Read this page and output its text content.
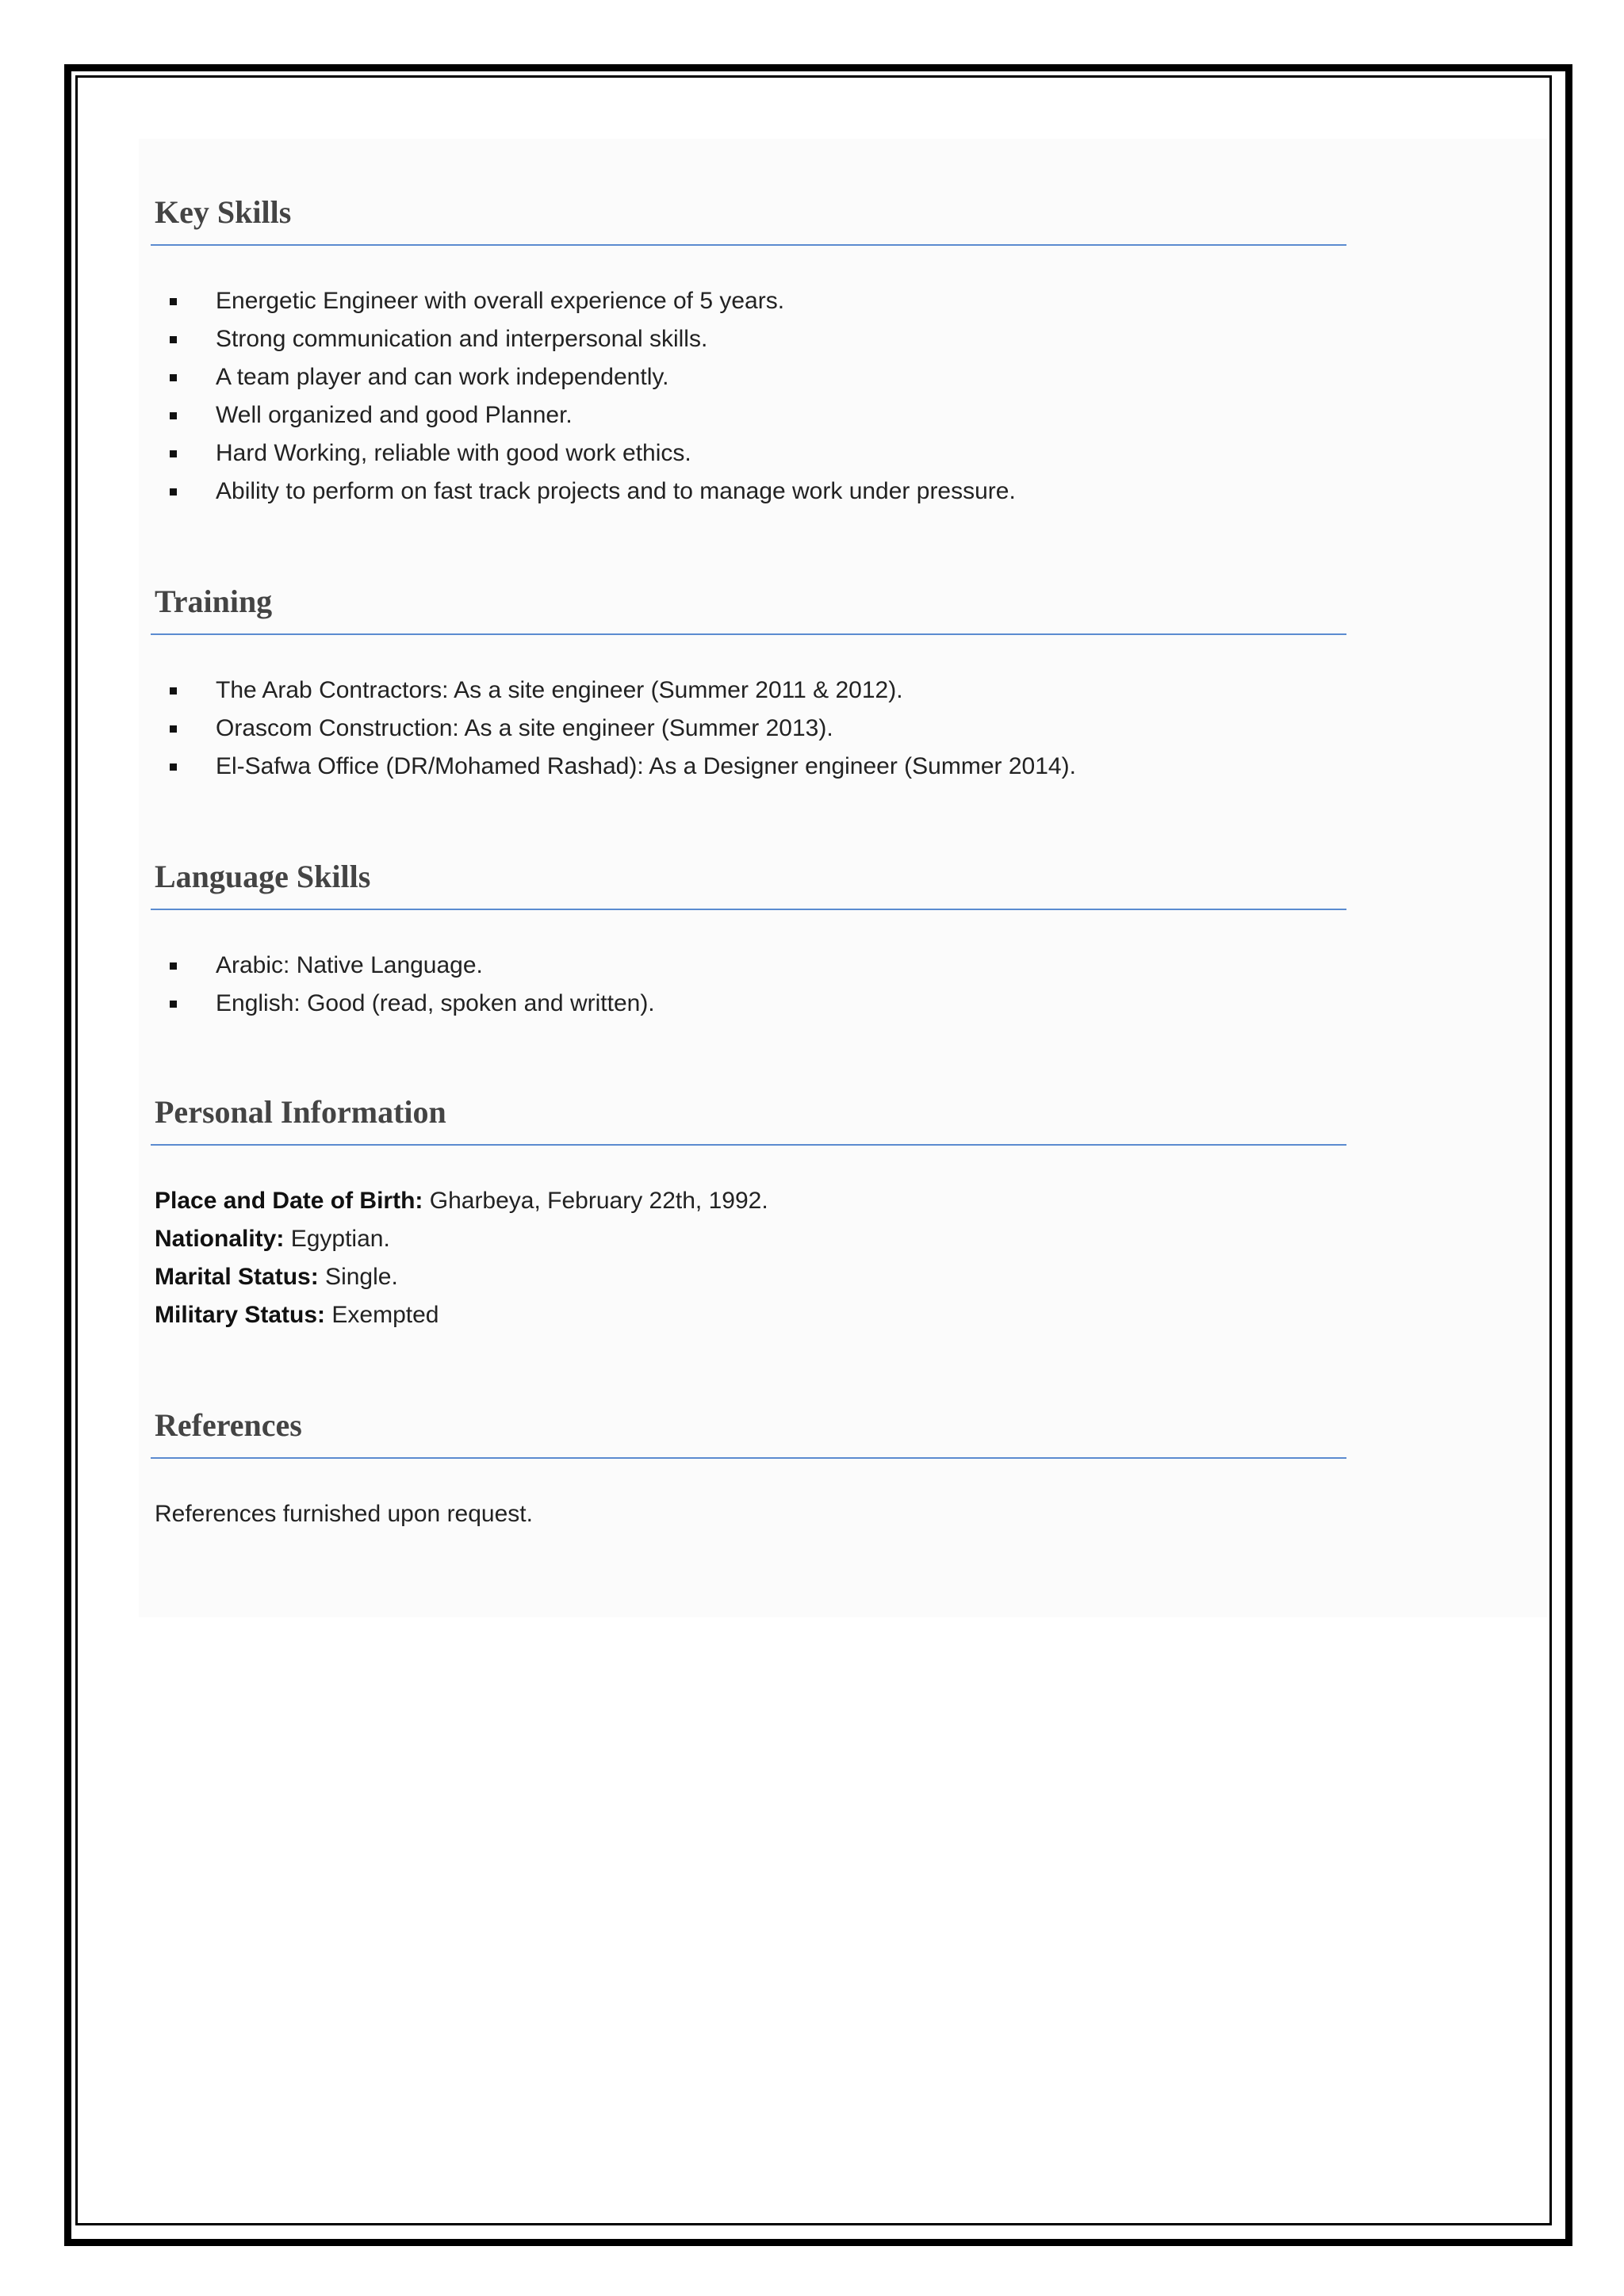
Key Skills
Energetic Engineer with overall experience of 5 years.
Strong communication and interpersonal skills.
A team player and can work independently.
Well organized and good Planner.
Hard Working, reliable with good work ethics.
Ability to perform on fast track projects and to manage work under pressure.
Training
The Arab Contractors: As a site engineer (Summer 2011 & 2012).
Orascom Construction: As a site engineer (Summer 2013).
El-Safwa Office (DR/Mohamed Rashad): As a Designer engineer (Summer 2014).
Language Skills
Arabic: Native Language.
English: Good (read, spoken and written).
Personal Information
Place and Date of Birth: Gharbeya, February 22th, 1992.
Nationality: Egyptian.
Marital Status: Single.
Military Status: Exempted
References
References furnished upon request.
